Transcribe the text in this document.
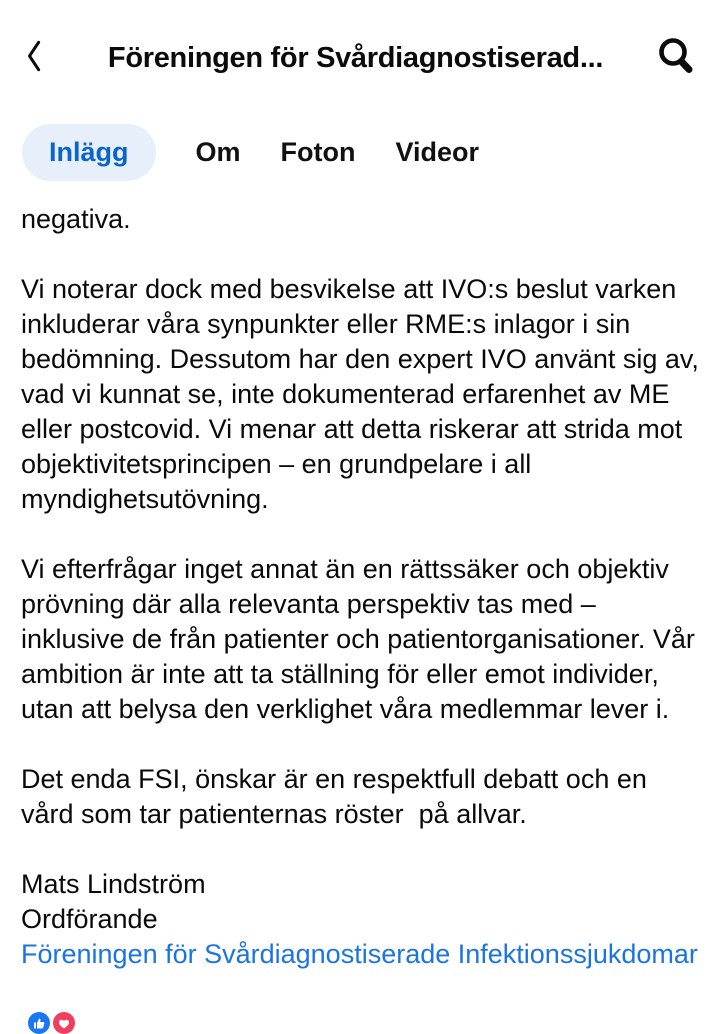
Föreningen för Svårdiagnostiserad...
Inlägg	Om Foton Videor

negativa.

Vi noterar dock med besvikelse att IVO:s beslut varken inkluderar våra synpunkter eller RME:s inlagor i sin bedömning. Dessutom har den expert IVO använt sig av, vad vi kunnat se, inte dokumenterad erfarenhet av ME eller postcovid. Vi menar att detta riskerar att strida mot objektivitetsprincipen – en grundpelare i all myndighetsutövning.

Vi efterfrågar inget annat än en rättssäker och objektiv prövning där alla relevanta perspektiv tas med – inklusive de från patienter och patientorganisationer. Vår ambition är inte att ta ställning för eller emot individer, utan att belysa den verklighet våra medlemmar lever i.

Det enda FSI, önskar är en respektfull debatt och en vård som tar patienternas röster  på allvar.

Mats Lindström
Ordförande
Föreningen för Svårdiagnostiserade Infektionssjukdomar
